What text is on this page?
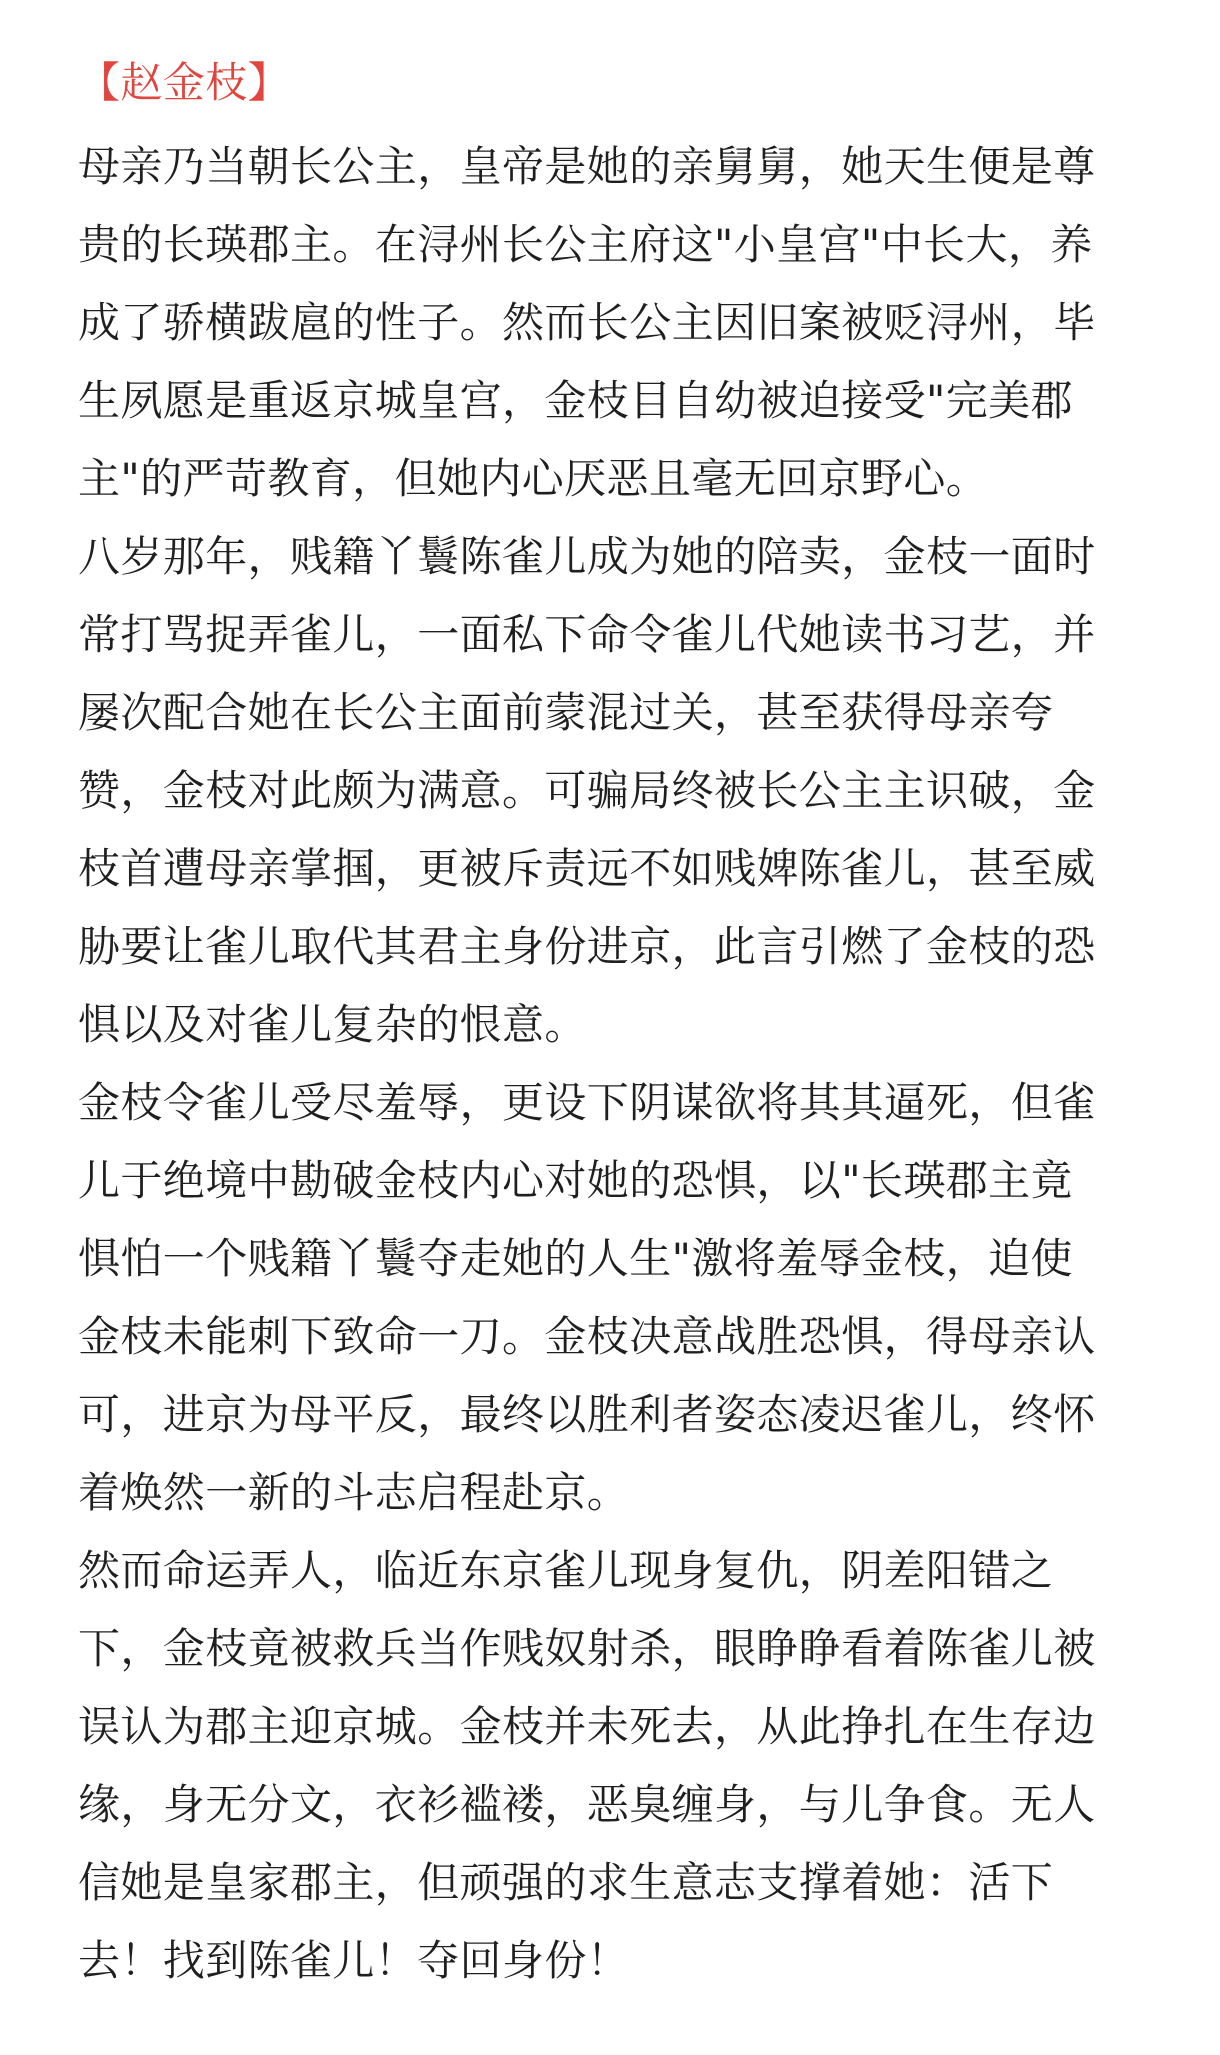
【赵金枝】
母亲乃当朝长公主，皇帝是她的亲舅舅，她天生便是尊
贵的长瑛郡主。在浔州长公主府这"小皇宫"中长大，养
成了骄横跋扈的性子。然而长公主因旧案被贬浔州，毕
生夙愿是重返京城皇宫，金枝目自幼被迫接受"完美郡
主"的严苛教育，但她内心厌恶且毫无回京野心。
八岁那年，贱籍丫鬟陈雀儿成为她的陪卖，金枝一面时
常打骂捉弄雀儿，一面私下命令雀儿代她读书习艺，并
屡次配合她在长公主面前蒙混过关，甚至获得母亲夸
赞，金枝对此颇为满意。可骗局终被长公主主识破，金
枝首遭母亲掌掴，更被斥责远不如贱婢陈雀儿，甚至威
胁要让雀儿取代其君主身份进京，此言引燃了金枝的恐
惧以及对雀儿复杂的恨意。
金枝令雀儿受尽羞辱，更设下阴谋欲将其其逼死，但雀
儿于绝境中勘破金枝内心对她的恐惧，以"长瑛郡主竟
惧怕一个贱籍丫鬟夺走她的人生"激将羞辱金枝，迫使
金枝未能刺下致命一刀。金枝决意战胜恐惧，得母亲认
可，进京为母平反，最终以胜利者姿态凌迟雀儿，终怀
着焕然一新的斗志启程赴京。
然而命运弄人，临近东京雀儿现身复仇，阴差阳错之
下，金枝竟被救兵当作贱奴射杀，眼睁睁看着陈雀儿被
误认为郡主迎京城。金枝并未死去，从此挣扎在生存边
缘，身无分文，衣衫褴褛，恶臭缠身，与儿争食。无人
信她是皇家郡主，但顽强的求生意志支撑着她：活下
去！找到陈雀儿！夺回身份！
